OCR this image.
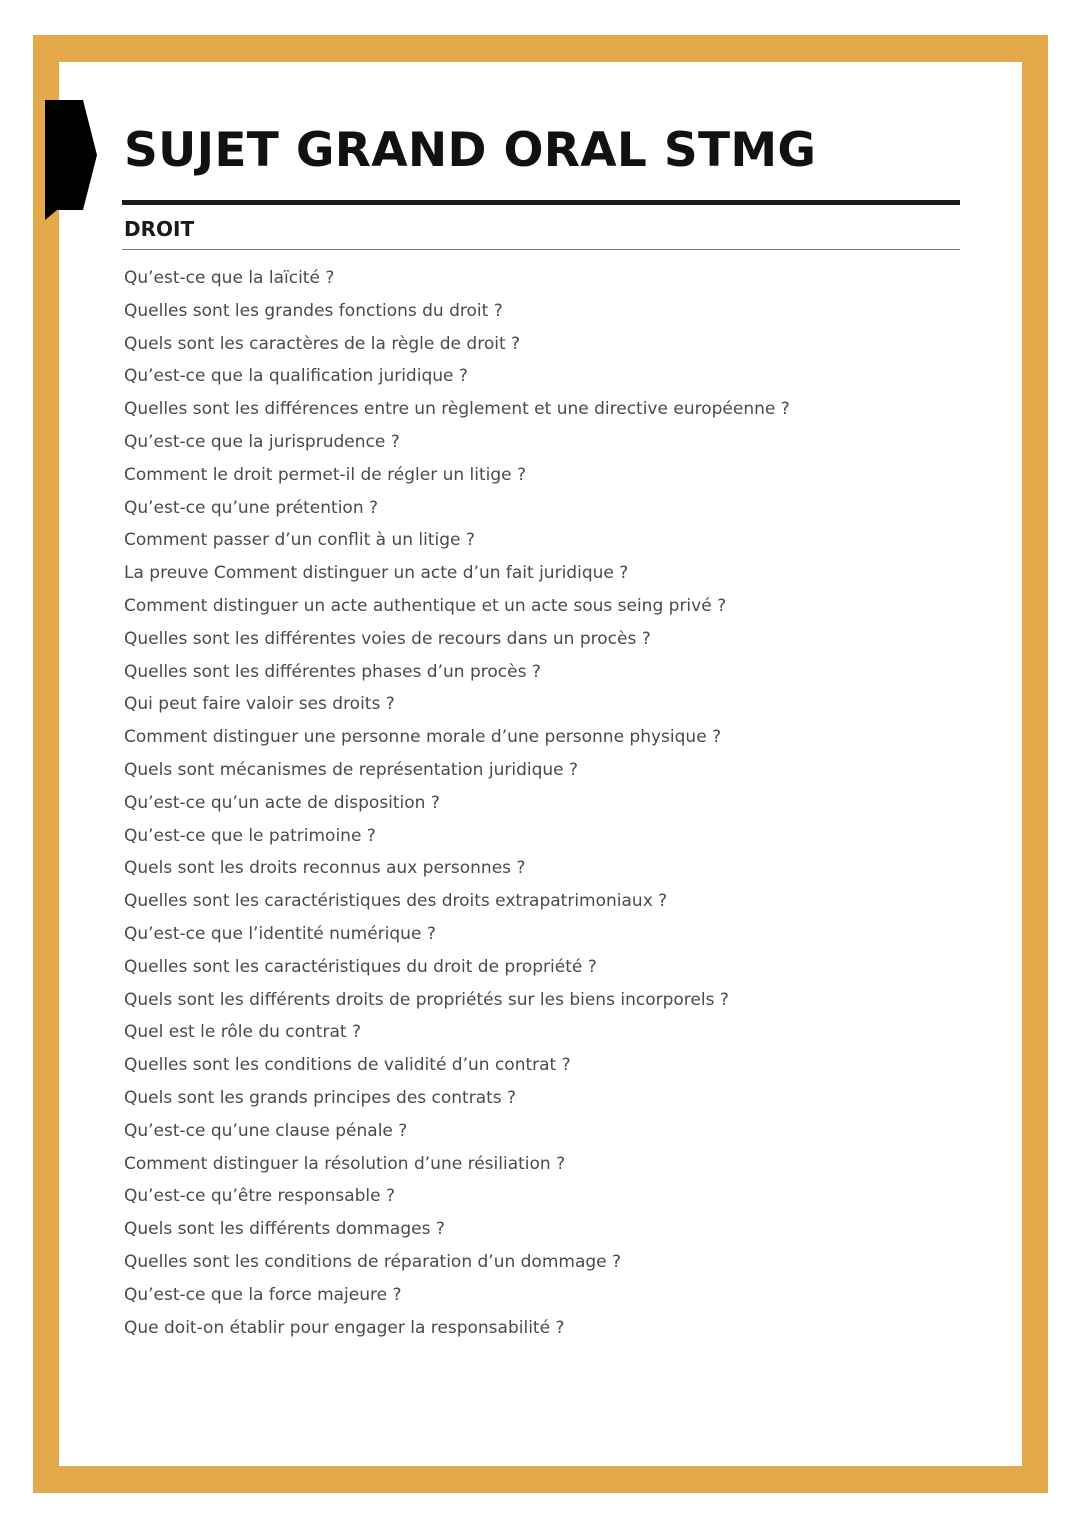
SUJET GRAND ORAL STMG
DROIT
Qu’est-ce que la laïcité ?
Quelles sont les grandes fonctions du droit ?
Quels sont les caractères de la règle de droit ?
Qu’est-ce que la qualification juridique ?
Quelles sont les différences entre un règlement et une directive européenne ?
Qu’est-ce que la jurisprudence ?
Comment le droit permet-il de régler un litige ?
Qu’est-ce qu’une prétention ?
Comment passer d’un conflit à un litige ?
La preuve Comment distinguer un acte d’un fait juridique ?
Comment distinguer un acte authentique et un acte sous seing privé ?
Quelles sont les différentes voies de recours dans un procès ?
Quelles sont les différentes phases d’un procès ?
Qui peut faire valoir ses droits ?
Comment distinguer une personne morale d’une personne physique ?
Quels sont mécanismes de représentation juridique ?
Qu’est-ce qu’un acte de disposition ?
Qu’est-ce que le patrimoine ?
Quels sont les droits reconnus aux personnes ?
Quelles sont les caractéristiques des droits extrapatrimoniaux ?
Qu’est-ce que l’identité numérique ?
Quelles sont les caractéristiques du droit de propriété ?
Quels sont les différents droits de propriétés sur les biens incorporels ?
Quel est le rôle du contrat ?
Quelles sont les conditions de validité d’un contrat ?
Quels sont les grands principes des contrats ?
Qu’est-ce qu’une clause pénale ?
Comment distinguer la résolution d’une résiliation ?
Qu’est-ce qu’être responsable ?
Quels sont les différents dommages ?
Quelles sont les conditions de réparation d’un dommage ?
Qu’est-ce que la force majeure ?
Que doit-on établir pour engager la responsabilité ?
